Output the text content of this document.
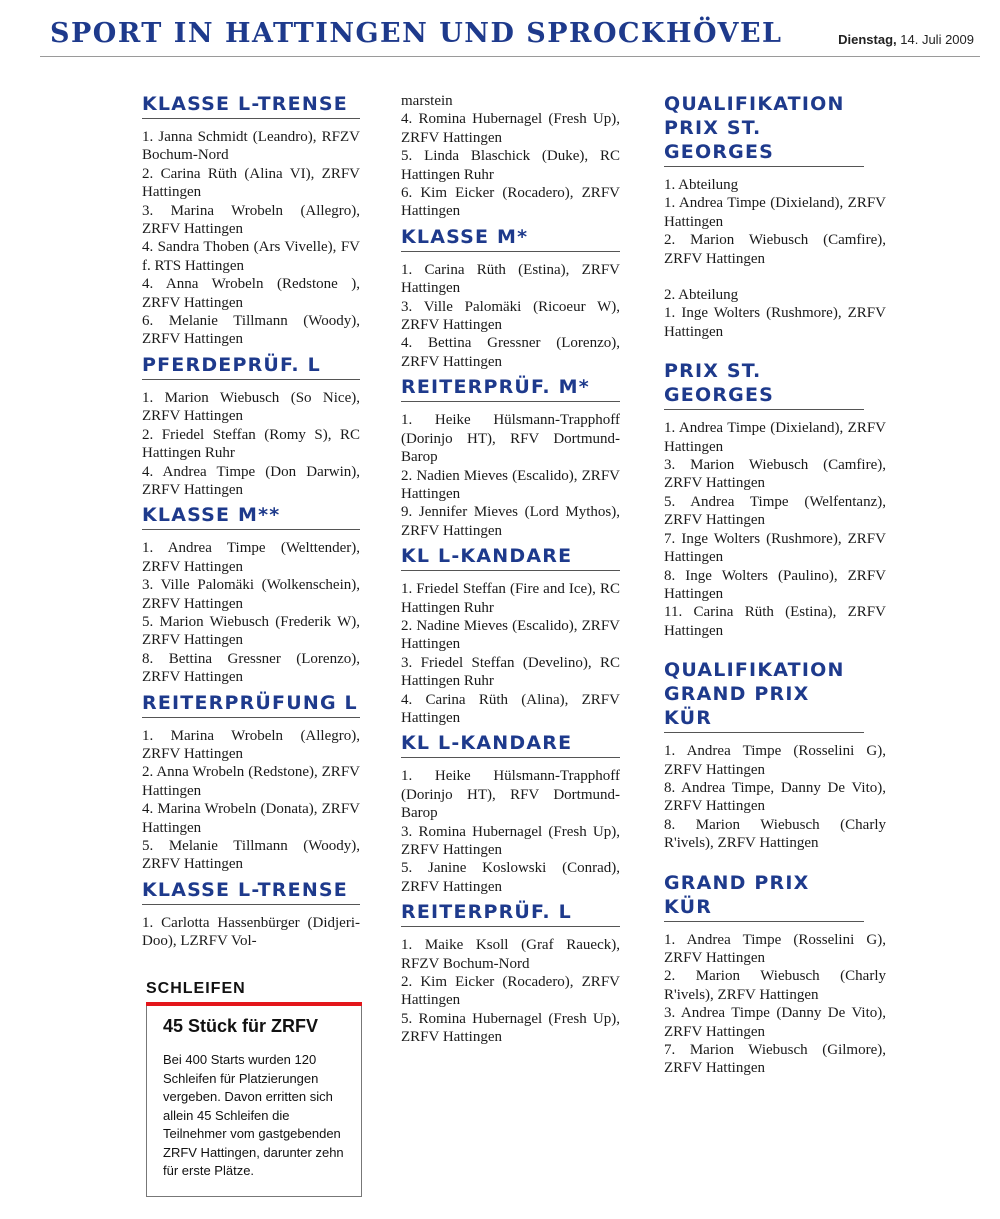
SPORT IN HATTINGEN UND SPROCKHÖVEL	Dienstag, 14. Juli 2009
KLASSE L-TRENSE

1. Janna Schmidt (Leandro), RFZV Bochum-Nord

2. Carina Rüth (Alina VI), ZRFV Hattingen

3. Marina Wrobeln (Allegro), ZRFV Hattingen

4. Sandra Thoben (Ars Vivelle), FV f. RTS Hattingen

4. Anna Wrobeln (Redstone ), ZRFV Hattingen

6. Melanie Tillmann (Woody), ZRFV Hattingen

PFERDEPRÜF. L

1. Marion Wiebusch (So Nice), ZRFV Hattingen

2. Friedel Steffan (Romy S), RC Hattingen Ruhr

4. Andrea Timpe (Don Darwin), ZRFV Hattingen

KLASSE M**

1. Andrea Timpe (Welttender), ZRFV Hattingen

3. Ville Palomäki (Wolkenschein), ZRFV Hattingen

5. Marion Wiebusch (Frederik W), ZRFV Hattingen

8. Bettina Gressner (Lorenzo), ZRFV Hattingen

REITERPRÜFUNG L

1. Marina Wrobeln (Allegro), ZRFV Hattingen

2. Anna Wrobeln (Redstone), ZRFV Hattingen

4. Marina Wrobeln (Donata), ZRFV Hattingen

5. Melanie Tillmann (Woody), ZRFV Hattingen

KLASSE L-TRENSE

1. Carlotta Hassenbürger (Didjeri-Doo), LZRFV Vol-

marstein

4. Romina Hubernagel (Fresh Up), ZRFV Hattingen

5. Linda Blaschick (Duke), RC Hattingen Ruhr

6. Kim Eicker (Rocadero), ZRFV Hattingen

KLASSE M*

1. Carina Rüth (Estina), ZRFV Hattingen

3. Ville Palomäki (Ricoeur W), ZRFV Hattingen

4. Bettina Gressner (Lorenzo), ZRFV Hattingen

REITERPRÜF. M*

1. Heike Hülsmann-Trapphoff (Dorinjo HT), RFV Dortmund-Barop

2. Nadien Mieves (Escalido), ZRFV Hattingen

9. Jennifer Mieves (Lord Mythos), ZRFV Hattingen

KL L-KANDARE

1. Friedel Steffan (Fire and Ice), RC Hattingen Ruhr

2. Nadine Mieves (Escalido), ZRFV Hattingen

3. Friedel Steffan (Develino), RC Hattingen Ruhr

4. Carina Rüth (Alina), ZRFV Hattingen

KL L-KANDARE

1. Heike Hülsmann-Trapphoff (Dorinjo HT), RFV Dortmund-Barop

3. Romina Hubernagel (Fresh Up), ZRFV Hattingen

5. Janine Koslowski (Conrad), ZRFV Hattingen

REITERPRÜF. L

1. Maike Ksoll (Graf Raueck), RFZV Bochum-Nord

2. Kim Eicker (Rocadero), ZRFV Hattingen

5. Romina Hubernagel (Fresh Up), ZRFV Hattingen

QUALIFIKATION PRIX ST. GEORGES

1. Abteilung

1. Andrea Timpe (Dixieland), ZRFV Hattingen

2. Marion Wiebusch (Camfire), ZRFV Hattingen

2. Abteilung

1. Inge Wolters (Rushmore), ZRFV Hattingen

PRIX ST. GEORGES

1. Andrea Timpe (Dixieland), ZRFV Hattingen

3. Marion Wiebusch (Camfire), ZRFV Hattingen

5. Andrea Timpe (Welfentanz), ZRFV Hattingen

7. Inge Wolters (Rushmore), ZRFV Hattingen

8. Inge Wolters (Paulino), ZRFV Hattingen

11. Carina Rüth (Estina), ZRFV Hattingen

QUALIFIKATION GRAND PRIX KÜR

1. Andrea Timpe (Rosselini G), ZRFV Hattingen

8. Andrea Timpe, Danny De Vito), ZRFV Hattingen

8. Marion Wiebusch (Charly R'ivels), ZRFV Hattingen

GRAND PRIX KÜR

1. Andrea Timpe (Rosselini G), ZRFV Hattingen

2. Marion Wiebusch (Charly R'ivels), ZRFV Hattingen

3. Andrea Timpe (Danny De Vito), ZRFV Hattingen

7. Marion Wiebusch (Gilmore), ZRFV Hattingen

SCHLEIFEN
45 Stück für ZRFV
Bei 400 Starts wurden 120 Schleifen für Platzierungen vergeben. Davon erritten sich allein 45 Schleifen die Teilnehmer vom gastgebenden ZRFV Hattingen, darunter zehn für erste Plätze.
